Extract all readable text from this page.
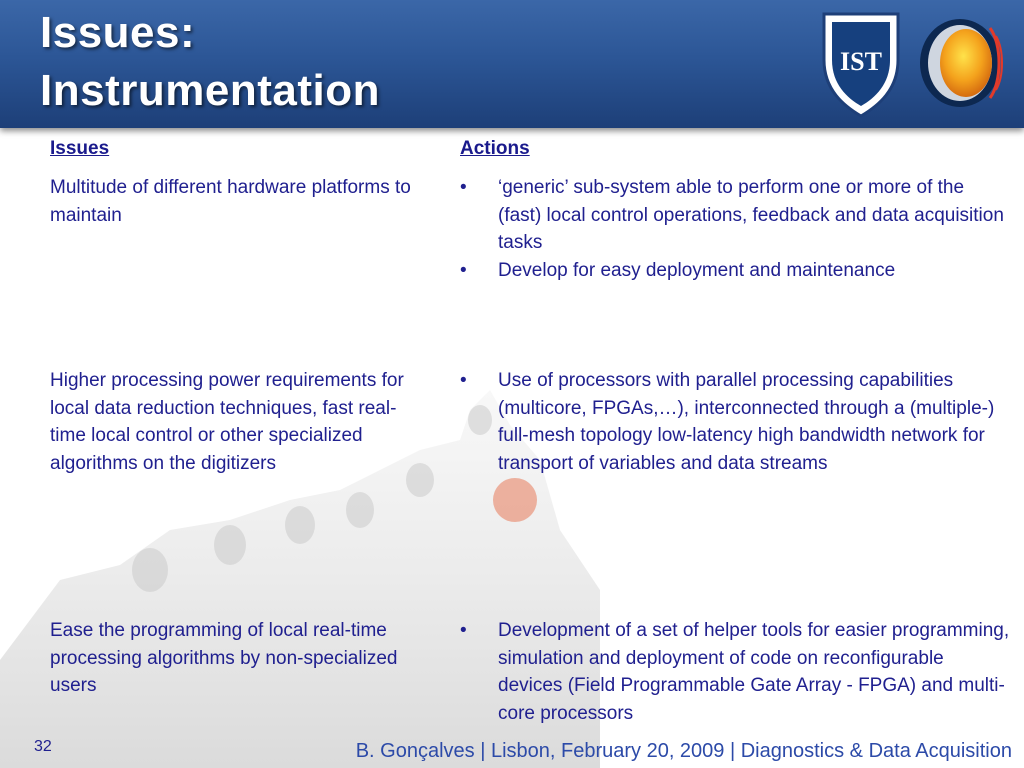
Issues:
Instrumentation
IST
Issues	Actions

Multitude of different hardware platforms to maintain

• ‘generic’ sub-system able to perform one or more of the (fast) local control operations, feedback and data acquisition tasks
• Develop for easy deployment and maintenance

Higher processing power requirements for local data reduction techniques, fast real-time local control or other specialized algorithms on the digitizers

• Use of processors with parallel processing capabilities (multicore, FPGAs,…), interconnected through a (multiple-) full-mesh topology low-latency high bandwidth network for transport of variables and data streams

Ease the programming of local real-time processing algorithms by non-specialized users

• Development of a set of helper tools for easier programming, simulation and deployment of code on reconfigurable devices (Field Programmable Gate Array - FPGA) and multi-core processors
32	B. Gonçalves | Lisbon, February 20, 2009 | Diagnostics & Data Acquisition
